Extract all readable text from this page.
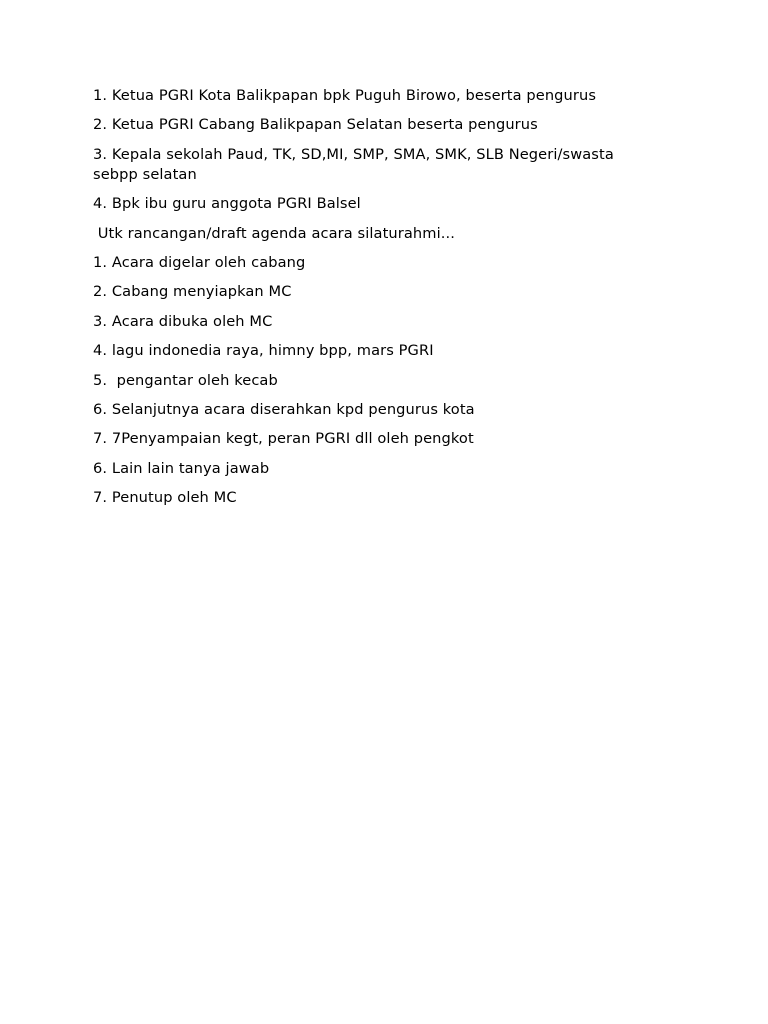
1. Ketua PGRI Kota Balikpapan bpk Puguh Birowo, beserta pengurus

2. Ketua PGRI Cabang Balikpapan Selatan beserta pengurus

3. Kepala sekolah Paud, TK, SD,MI, SMP, SMA, SMK, SLB Negeri/swasta sebpp selatan

4. Bpk ibu guru anggota PGRI Balsel

Utk rancangan/draft agenda acara silaturahmi...

1. Acara digelar oleh cabang

2. Cabang menyiapkan MC

3. Acara dibuka oleh MC

4. lagu indonedia raya, himny bpp, mars PGRI

5.  pengantar oleh kecab

6. Selanjutnya acara diserahkan kpd pengurus kota

7. 7Penyampaian kegt, peran PGRI dll oleh pengkot

6. Lain lain tanya jawab

7. Penutup oleh MC
